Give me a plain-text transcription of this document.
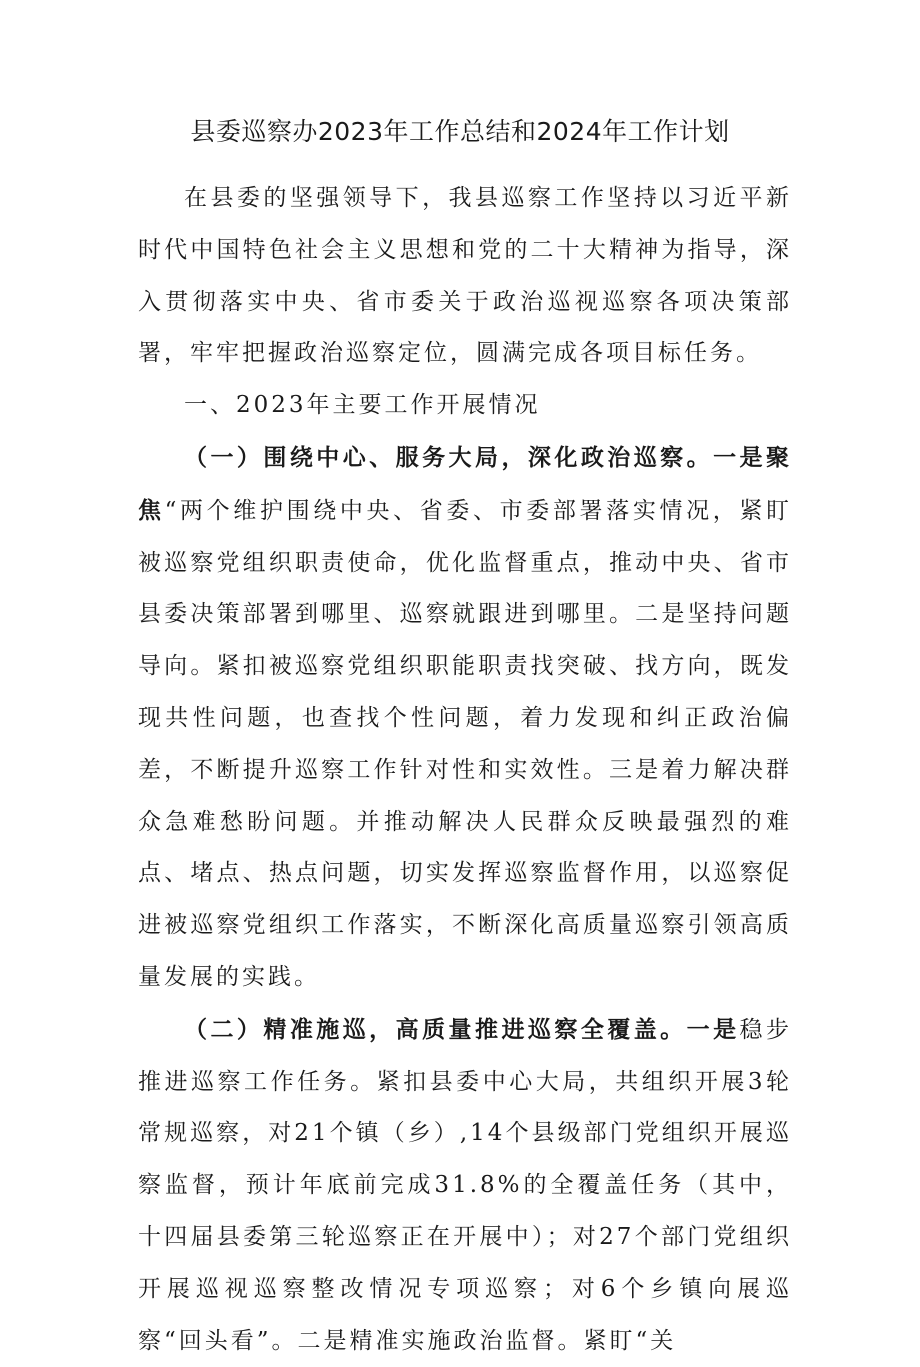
县委巡察办2023年工作总结和2024年工作计划

在县委的坚强领导下，我县巡察工作坚持以习近平新时代中国特色社会主义思想和党的二十大精神为指导，深入贯彻落实中央、省市委关于政治巡视巡察各项决策部署，牢牢把握政治巡察定位，圆满完成各项目标任务。

一、2023年主要工作开展情况

（一）围绕中心、服务大局，深化政治巡察。一是聚焦“两个维护围绕中央、省委、市委部署落实情况，紧盯被巡察党组织职责使命，优化监督重点，推动中央、省市县委决策部署到哪里、巡察就跟进到哪里。二是坚持问题导向。紧扣被巡察党组织职能职责找突破、找方向，既发现共性问题，也查找个性问题，着力发现和纠正政治偏差，不断提升巡察工作针对性和实效性。三是着力解决群众急难愁盼问题。并推动解决人民群众反映最强烈的难点、堵点、热点问题，切实发挥巡察监督作用，以巡察促进被巡察党组织工作落实，不断深化高质量巡察引领高质量发展的实践。

（二）精准施巡，高质量推进巡察全覆盖。一是稳步推进巡察工作任务。紧扣县委中心大局，共组织开展3轮常规巡察，对21个镇（乡）,14个县级部门党组织开展巡察监督，预计年底前完成31.8%的全覆盖任务（其中，十四届县委第三轮巡察正在开展中）；对27个部门党组织开展巡视巡察整改情况专项巡察；对6个乡镇向展巡察“回头看”。二是精准实施政治监督。紧盯“关
